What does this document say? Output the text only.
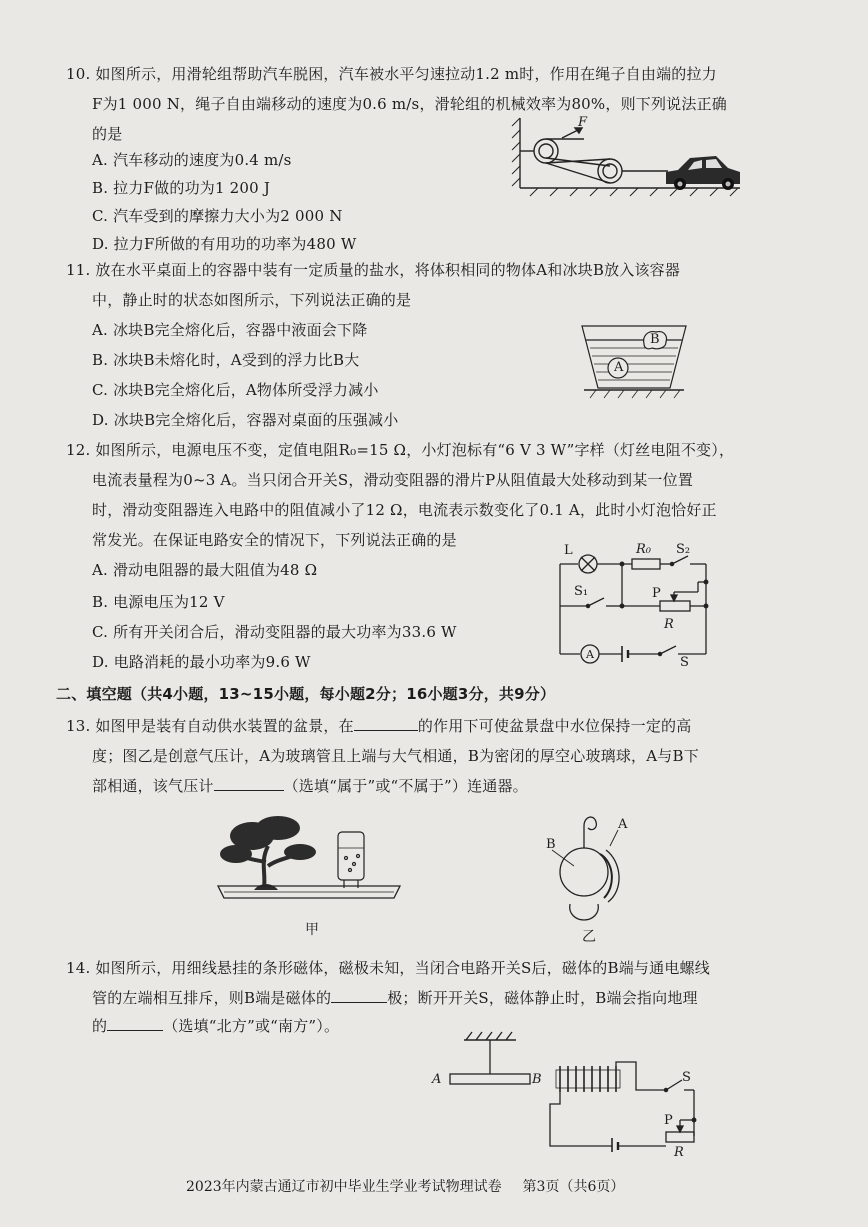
10. 如图所示，用滑轮组帮助汽车脱困，汽车被水平匀速拉动1.2 m时，作用在绳子自由端的拉力
F为1 000 N，绳子自由端移动的速度为0.6 m/s，滑轮组的机械效率为80%，则下列说法正确
的是
A. 汽车移动的速度为0.4 m/s
B. 拉力F做的功为1 200 J
C. 汽车受到的摩擦力大小为2 000 N
D. 拉力F所做的有用功的功率为480 W
F
11. 放在水平桌面上的容器中装有一定质量的盐水，将体积相同的物体A和冰块B放入该容器
中，静止时的状态如图所示，下列说法正确的是
A. 冰块B完全熔化后，容器中液面会下降
B. 冰块B未熔化时，A受到的浮力比B大
C. 冰块B完全熔化后，A物体所受浮力减小
D. 冰块B完全熔化后，容器对桌面的压强减小
A
B
12. 如图所示，电源电压不变，定值电阻R₀=15 Ω，小灯泡标有“6 V 3 W”字样（灯丝电阻不变），
电流表量程为0~3 A。当只闭合开关S，滑动变阻器的滑片P从阻值最大处移动到某一位置
时，滑动变阻器连入电路中的阻值减小了12 Ω，电流表示数变化了0.1 A，此时小灯泡恰好正
常发光。在保证电路安全的情况下，下列说法正确的是
A. 滑动电阻器的最大阻值为48 Ω
B. 电源电压为12 V
C. 所有开关闭合后，滑动变阻器的最大功率为33.6 W
D. 电路消耗的最小功率为9.6 W
L	R₀ S₂
S₁	P
R
A
S
二、填空题（共4小题，13~15小题，每小题2分；16小题3分，共9分）
13. 如图甲是装有自动供水装置的盆景，在	的作用下可使盆景盘中水位保持一定的高
度；图乙是创意气压计，A为玻璃管且上端与大气相通，B为密闭的厚空心玻璃球，A与B下
部相通，该气压计	（选填“属于”或“不属于”）连通器。
甲
B
A
乙
14. 如图所示，用细线悬挂的条形磁体，磁极未知，当闭合电路开关S后，磁体的B端与通电螺线
管的左端相互排斥，则B端是磁体的	极；断开开关S，磁体静止时，B端会指向地理
的	（选填“北方”或“南方”）。
A	B	S
P
R
2023年内蒙古通辽市初中毕业生学业考试物理试卷 第3页（共6页）
